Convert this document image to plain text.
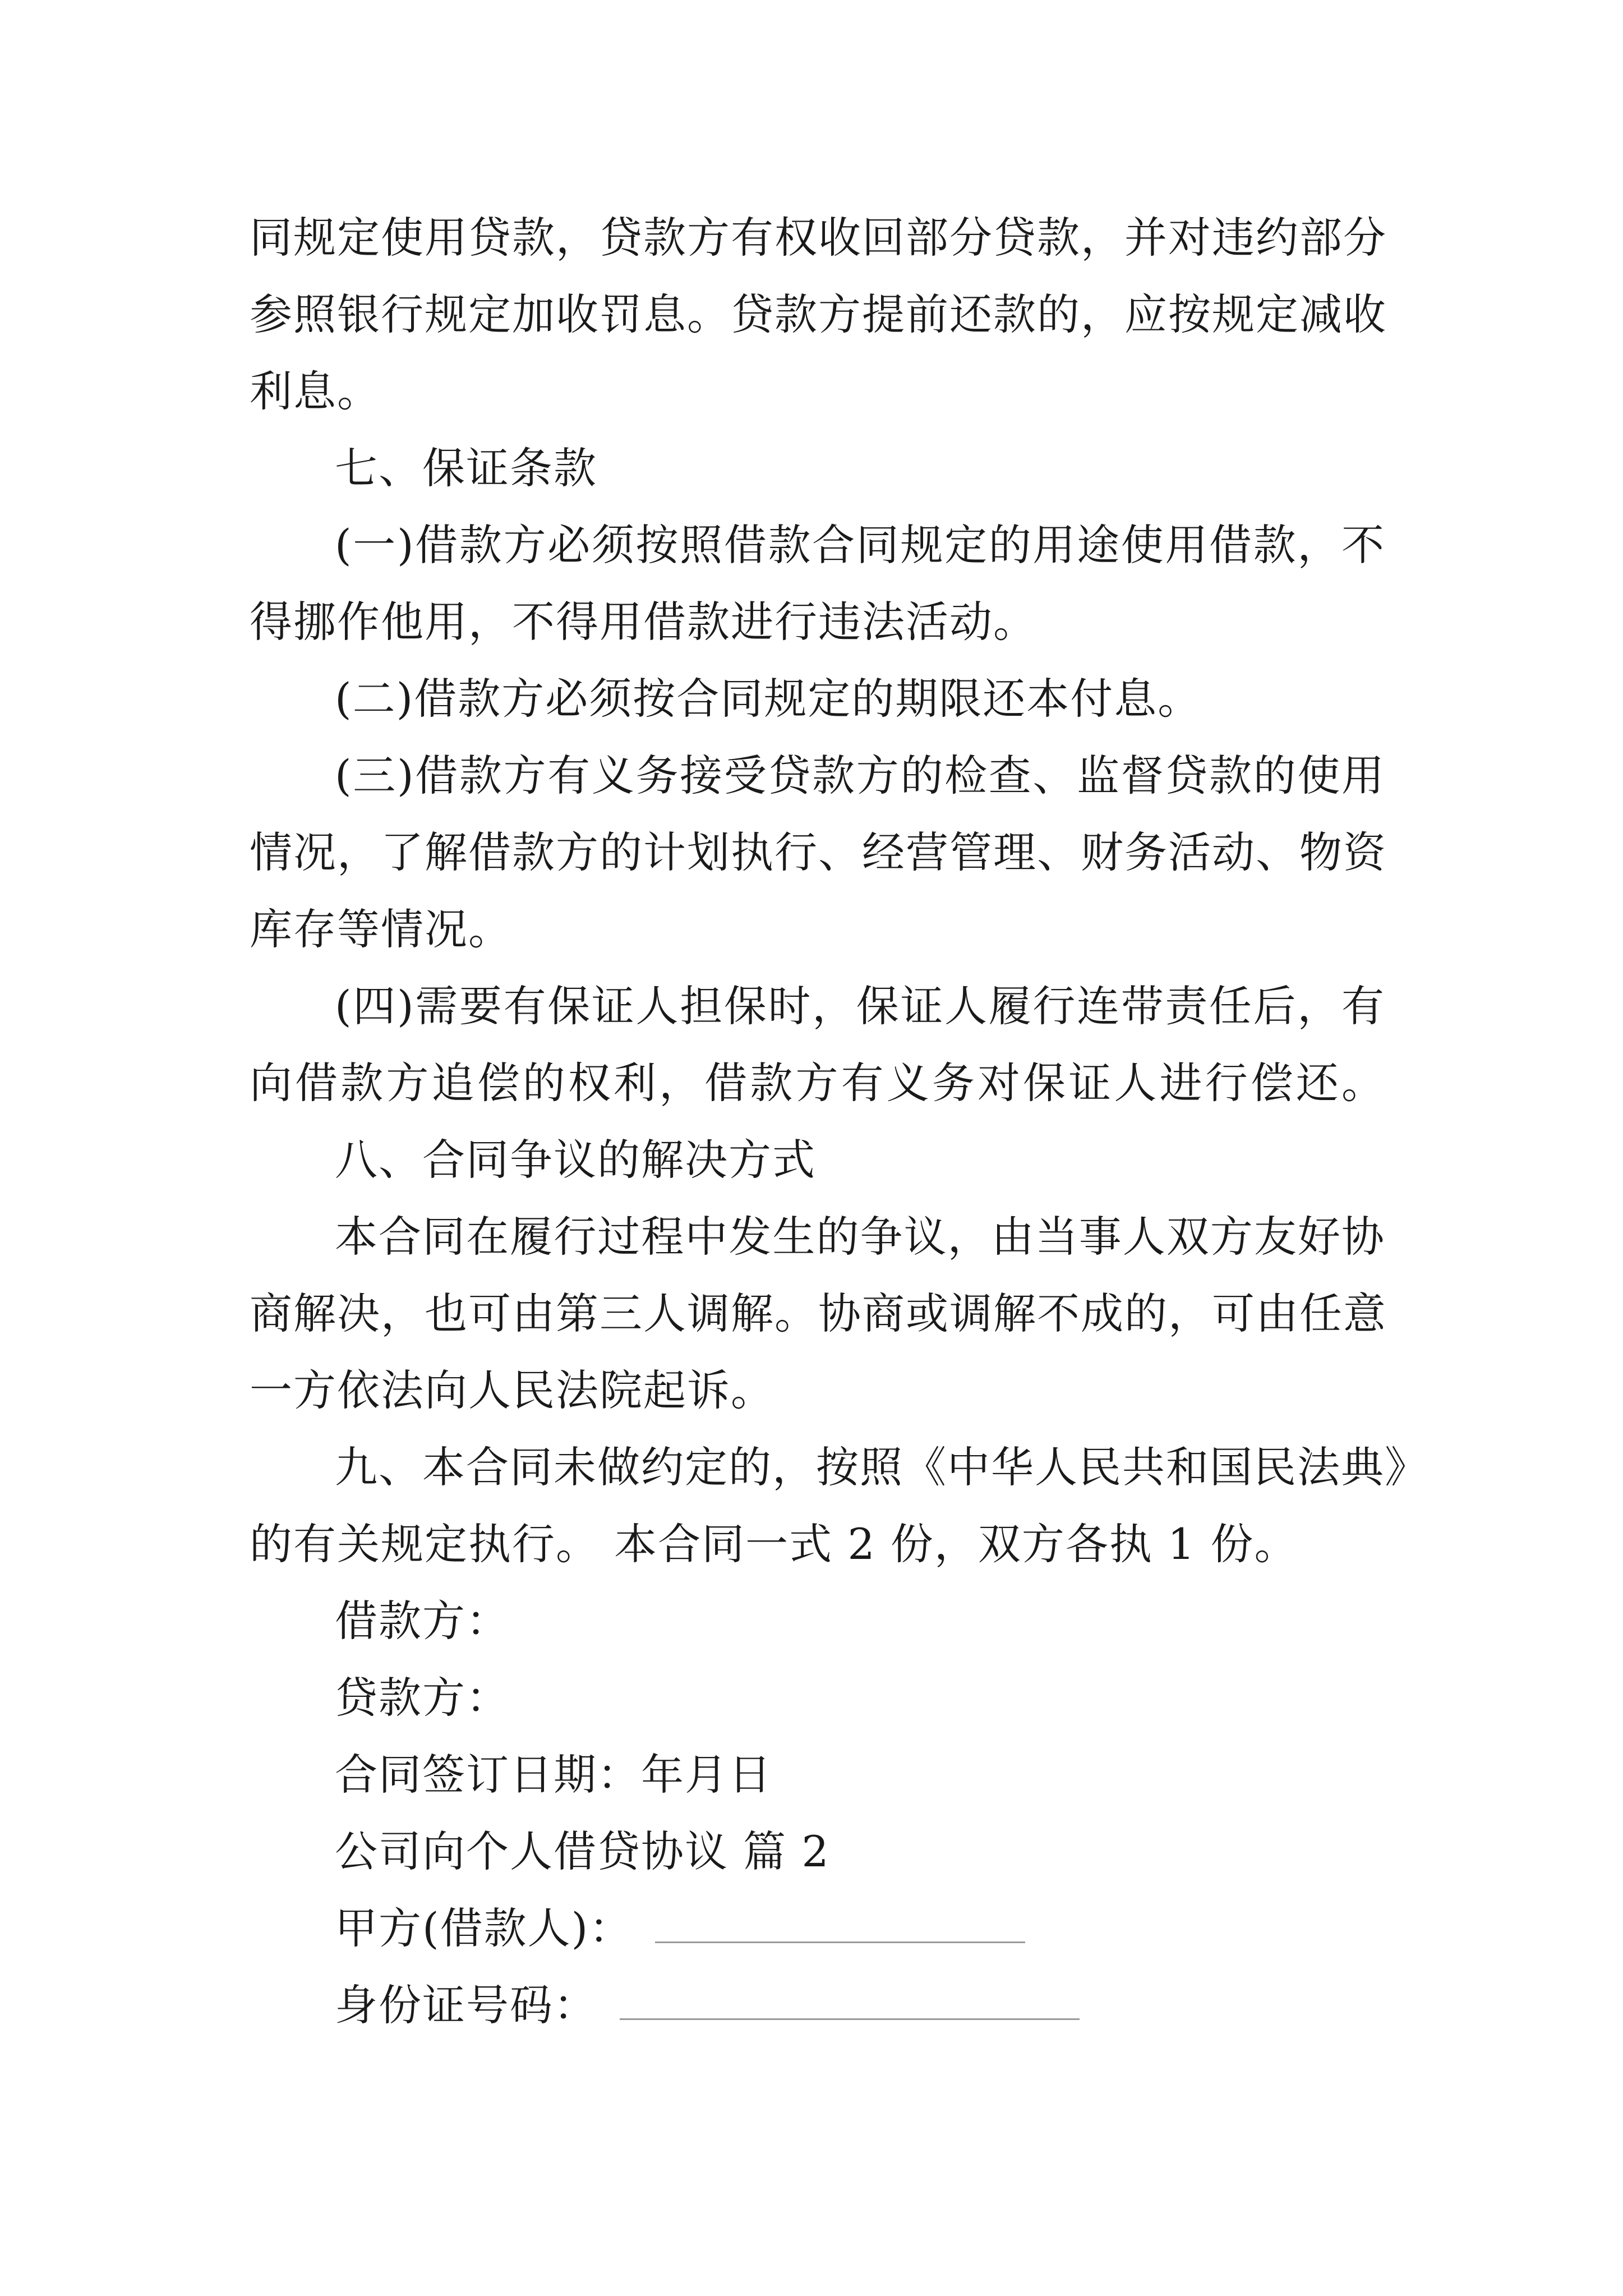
同规定使用贷款，贷款方有权收回部分贷款，并对违约部分
参照银行规定加收罚息。贷款方提前还款的，应按规定减收
利息。
七、保证条款
(一)借款方必须按照借款合同规定的用途使用借款，不
得挪作他用，不得用借款进行违法活动。
(二)借款方必须按合同规定的期限还本付息。
(三)借款方有义务接受贷款方的检查、监督贷款的使用
情况，了解借款方的计划执行、经营管理、财务活动、物资
库存等情况。
(四)需要有保证人担保时，保证人履行连带责任后，有
向借款方追偿的权利，借款方有义务对保证人进行偿还。
八、合同争议的解决方式
本合同在履行过程中发生的争议，由当事人双方友好协
商解决，也可由第三人调解。协商或调解不成的，可由任意
一方依法向人民法院起诉。
九、本合同未做约定的，按照《中华人民共和国民法典》
的有关规定执行。 本合同一式 2 份，双方各执 1 份。
借款方：
贷款方：
合同签订日期：年月日
公司向个人借贷协议 篇 2
甲方(借款人)：
身份证号码：
